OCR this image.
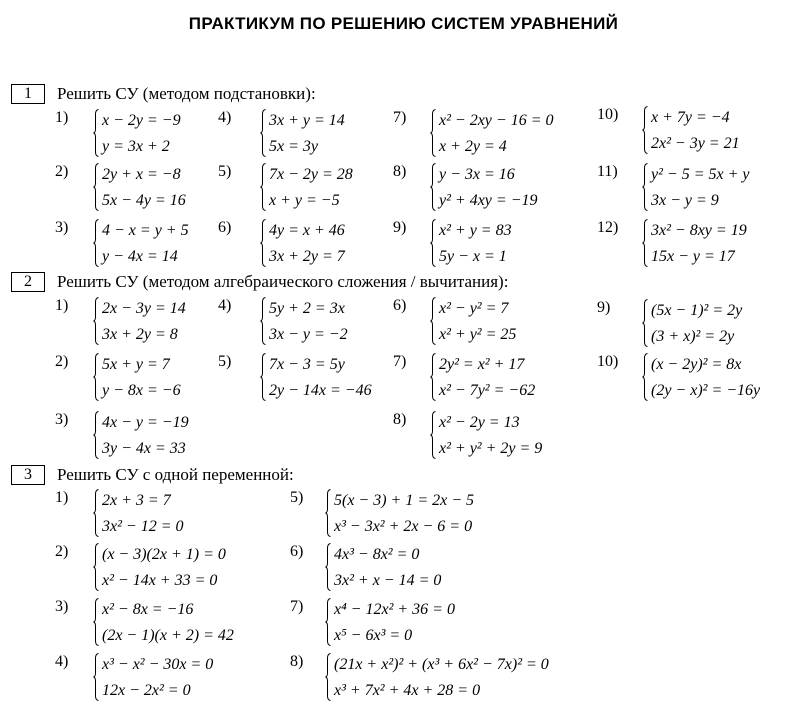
ПРАКТИКУМ ПО РЕШЕНИЮ СИСТЕМ УРАВНЕНИЙ
1	Решить СУ (методом подстановки):
2	Решить СУ (методом алгебраического сложения / вычитания):
3	Решить СУ с одной переменной:
1) x − 2y = −9
y = 3x + 2
2) 2y + x = −8
5x − 4y = 16
3) 4 − x = y + 5
y − 4x = 14
4) 3x + y = 14
5x = 3y
5) 7x − 2y = 28
x + y = −5
6) 4y = x + 46
3x + 2y = 7
7) x² − 2xy − 16 = 0
x + 2y = 4
8) y − 3x = 16
y² + 4xy = −19
9) x² + y = 83
5y − x = 1
10) x + 7y = −4
2x² − 3y = 21
11) y² − 5 = 5x + y
3x − y = 9
12) 3x² − 8xy = 19
15x − y = 17
1) 2x − 3y = 14
3x + 2y = 8
2) 5x + y = 7
y − 8x = −6
3) 4x − y = −19
3y − 4x = 33
4) 5y + 2 = 3x
3x − y = −2
5) 7x − 3 = 5y
2y − 14x = −46
6) x² − y² = 7
x² + y² = 25
7) 2y² = x² + 17
x² − 7y² = −62
8) x² − 2y = 13
x² + y² + 2y = 9
9)	(5x − 1)² = 2y
(3 + x)² = 2y
10) (x − 2y)² = 8x
(2y − x)² = −16y
1) 2x + 3 = 7
3x² − 12 = 0
2) (x − 3)(2x + 1) = 0
x² − 14x + 33 = 0
3) x² − 8x = −16
(2x − 1)(x + 2) = 42
4) x³ − x² − 30x = 0
12x − 2x² = 0
5) 5(x − 3) + 1 = 2x − 5
x³ − 3x² + 2x − 6 = 0
6) 4x³ − 8x² = 0
3x² + x − 14 = 0
7) x⁴ − 12x² + 36 = 0
x⁵ − 6x³ = 0
8) (21x + x²)² + (x³ + 6x² − 7x)² = 0
x³ + 7x² + 4x + 28 = 0
